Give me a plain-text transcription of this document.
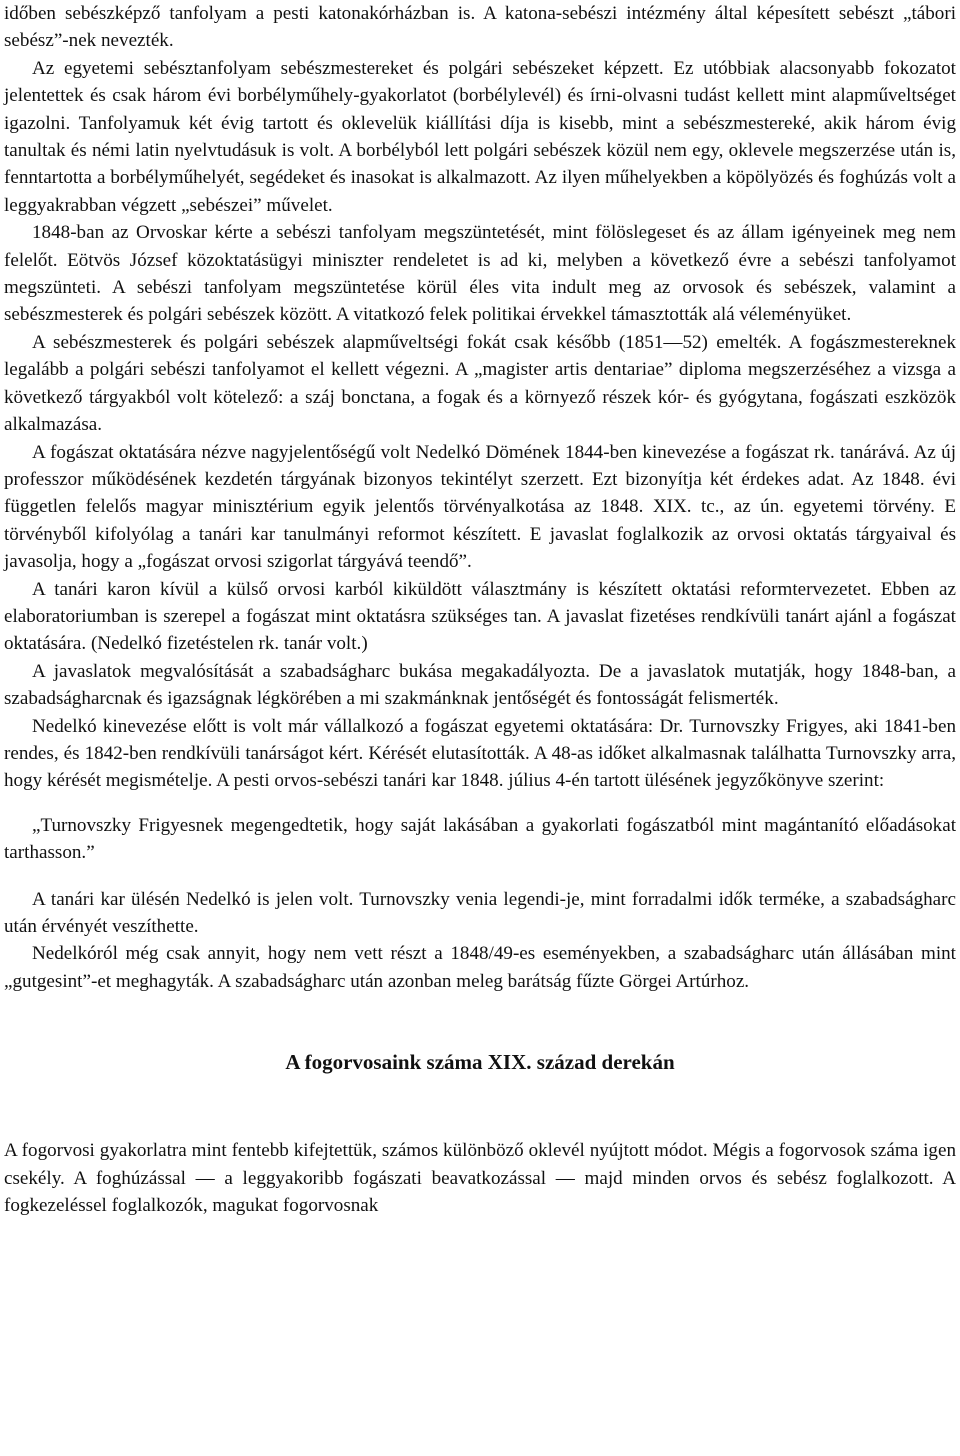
időben sebészképző tanfolyam a pesti katonakórházban is. A katona-sebészi intézmény által képesített sebészt „tábori sebész”-nek nevezték.

Az egyetemi sebésztanfolyam sebészmestereket és polgári sebészeket képzett. Ez utóbbiak alacsonyabb fokozatot jelentettek és csak három évi borbélyműhely-gyakorlatot (borbélylevél) és írni-olvasni tudást kellett mint alapműveltséget igazolni. Tanfolyamuk két évig tartott és oklevelük kiállítási díja is kisebb, mint a sebészmestereké, akik három évig tanultak és némi latin nyelvtudásuk is volt. A borbélyból lett polgári sebészek közül nem egy, oklevele megszerzése után is, fenntartotta a borbélyműhelyét, segédeket és inasokat is alkalmazott. Az ilyen műhelyekben a köpölyözés és foghúzás volt a leggyakrabban végzett „sebészei” művelet.

1848-ban az Orvoskar kérte a sebészi tanfolyam megszüntetését, mint fölöslegeset és az állam igényeinek meg nem felelőt. Eötvös József közoktatásügyi miniszter rendeletet is ad ki, melyben a következő évre a sebészi tanfolyamot megszünteti. A sebészi tanfolyam megszüntetése körül éles vita indult meg az orvosok és sebészek, valamint a sebészmesterek és polgári sebészek között. A vitatkozó felek politikai érvekkel támasztották alá véleményüket.

A sebészmesterek és polgári sebészek alapműveltségi fokát csak később (1851—52) emelték. A fogászmestereknek legalább a polgári sebészi tanfolyamot el kellett végezni. A „magister artis dentariae” diploma megszerzéséhez a vizsga a következő tárgyakból volt kötelező: a száj bonctana, a fogak és a környező részek kór- és gyógytana, fogászati eszközök alkalmazása.

A fogászat oktatására nézve nagyjelentőségű volt Nedelkó Dömének 1844-ben kinevezése a fogászat rk. tanárává. Az új professzor működésének kezdetén tárgyának bizonyos tekintélyt szerzett. Ezt bizonyítja két érdekes adat. Az 1848. évi független felelős magyar minisztérium egyik jelentős törvényalkotása az 1848. XIX. tc., az ún. egyetemi törvény. E törvényből kifolyólag a tanári kar tanulmányi reformot készített. E javaslat foglalkozik az orvosi oktatás tárgyaival és javasolja, hogy a „fogászat orvosi szigorlat tárgyává teendő”.

A tanári karon kívül a külső orvosi karból kiküldött választmány is készített oktatási reformtervezetet. Ebben az elaboratoriumban is szerepel a fogászat mint oktatásra szükséges tan. A javaslat fizetéses rendkívüli tanárt ajánl a fogászat oktatására. (Nedelkó fizetéstelen rk. tanár volt.)

A javaslatok megvalósítását a szabadságharc bukása megakadályozta. De a javaslatok mutatják, hogy 1848-ban, a szabadságharcnak és igazságnak légkörében a mi szakmánknak jentőségét és fontosságát felismerték.

Nedelkó kinevezése előtt is volt már vállalkozó a fogászat egyetemi oktatására: Dr. Turnovszky Frigyes, aki 1841-ben rendes, és 1842-ben rendkívüli tanárságot kért. Kérését elutasították. A 48-as időket alkalmasnak találhatta Turnovszky arra, hogy kérését megismételje. A pesti orvos-sebészi tanári kar 1848. július 4-én tartott ülésének jegyzőkönyve szerint:

„Turnovszky Frigyesnek megengedtetik, hogy saját lakásában a gyakorlati fogászatból mint magántanító előadásokat tarthasson.”

A tanári kar ülésén Nedelkó is jelen volt. Turnovszky venia legendi-je, mint forradalmi idők terméke, a szabadságharc után érvényét veszíthette.

Nedelkóról még csak annyit, hogy nem vett részt a 1848/49-es eseményekben, a szabadságharc után állásában mint „gutgesint”-et meghagyták. A szabadságharc után azonban meleg barátság fűzte Görgei Artúrhoz.

A fogorvosaink száma XIX. század derekán

A fogorvosi gyakorlatra mint fentebb kifejtettük, számos különböző oklevél nyújtott módot. Mégis a fogorvosok száma igen csekély. A foghúzással — a leggyakoribb fogászati beavatkozással — majd minden orvos és sebész foglalkozott. A fogkezeléssel foglalkozók, magukat fogorvosnak
